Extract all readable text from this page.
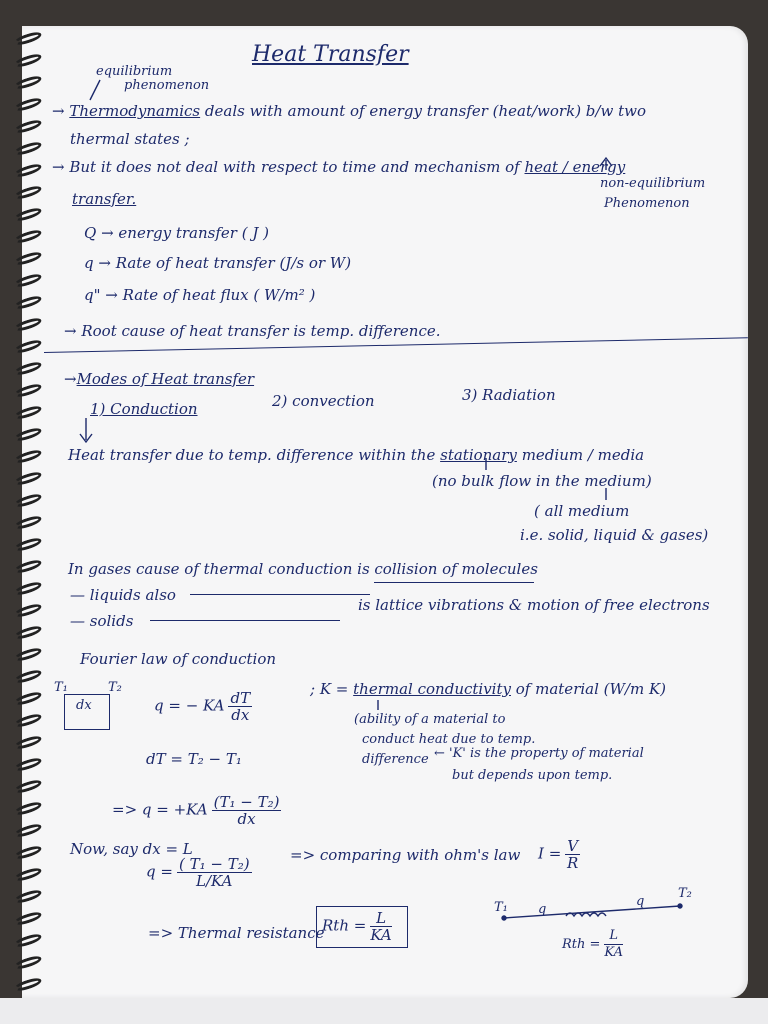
Heat Transfer
equilibrium
phenomenon
→ Thermodynamics deals with amount of energy transfer (heat/work) b/w two
thermal states ;
→ But it does not deal with respect to time and mechanism of heat / energy
transfer.
non-equilibrium
Phenomenon
Q → energy transfer ( J )
q → Rate of heat transfer (J/s or W)
q" → Rate of heat flux ( W/m² )
→ Root cause of heat transfer is temp. difference.
→Modes of Heat transfer
1) Conduction	2) convection	3) Radiation
Heat transfer due to temp. difference within the stationary medium / media
(no bulk flow in the medium)
( all medium
i.e. solid, liquid & gases)
In gases cause of thermal conduction is collision of molecules
— liquids also
— solids
is lattice vibrations & motion of free electrons
Fourier law of conduction
T₁	T₂
dx	q = − KA $\frac{dT}{dx}$
; K = thermal conductivity of material (W/m K)
(ability of a material to
conduct heat due to temp.
difference ← 'K' is the property of material
but depends upon temp.
dT = T₂ − T₁
=> $q = +KA \frac{\text{(T₁ − T₂)}}{dx}$
Now, say dx = L
$q = \frac{\text{( T₁ − T₂)}}{L/KA}$
=> comparing with ohm's law $I = \frac{V}{R}$
=> Thermal resistance
Rth = $\frac{L}{KA}$
T₁
T₂
q
q
Rth = $\frac{L}{KA}$
